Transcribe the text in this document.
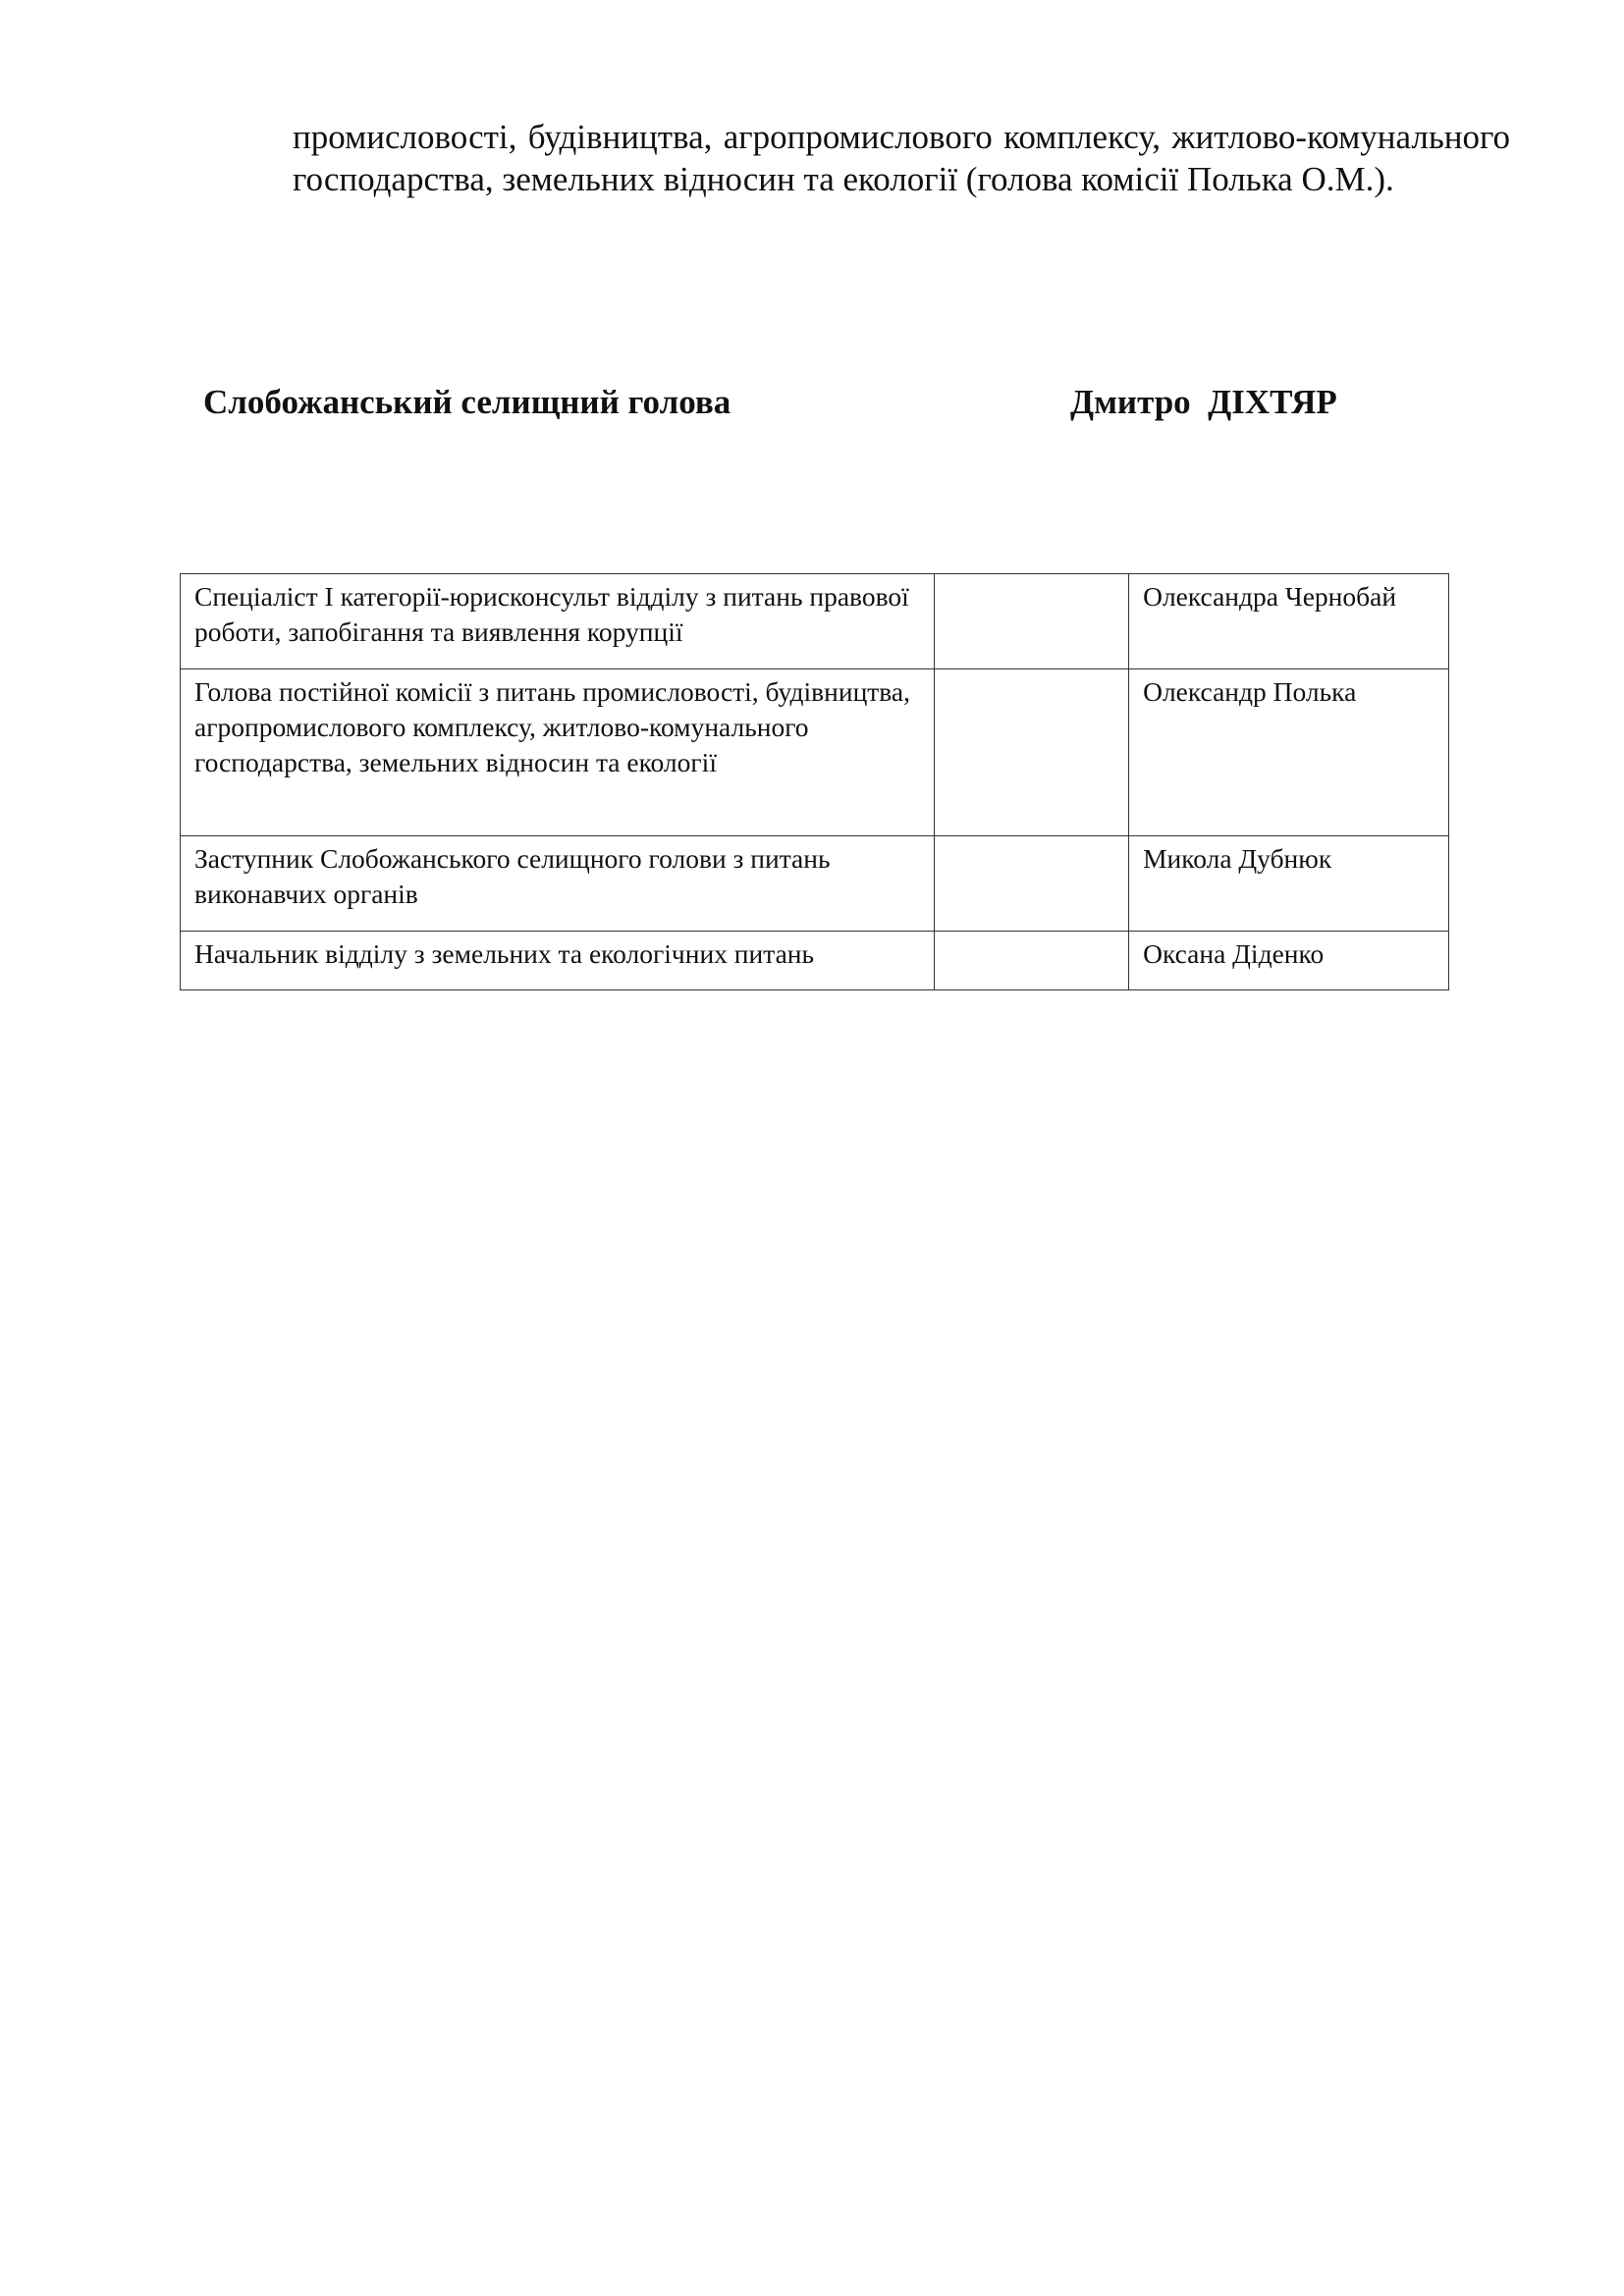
промисловості, будівництва, агропромислового комплексу, житлово-комунального господарства, земельних відносин та екології (голова комісії Полька О.М.).

Слобожанський селищний голова	Дмитро  ДІХТЯР

Спеціаліст І категорії-юрисконсульт відділу з питань правової роботи, запобігання та виявлення корупції		Олександра Чернобай
Голова постійної комісії з питань промисловості, будівництва, агропромислового комплексу, житлово-комунального господарства, земельних відносин та екології		Олександр Полька
Заступник Слобожанського селищного голови з питань виконавчих органів		Микола Дубнюк
Начальник відділу з земельних та екологічних питань		Оксана Діденко
